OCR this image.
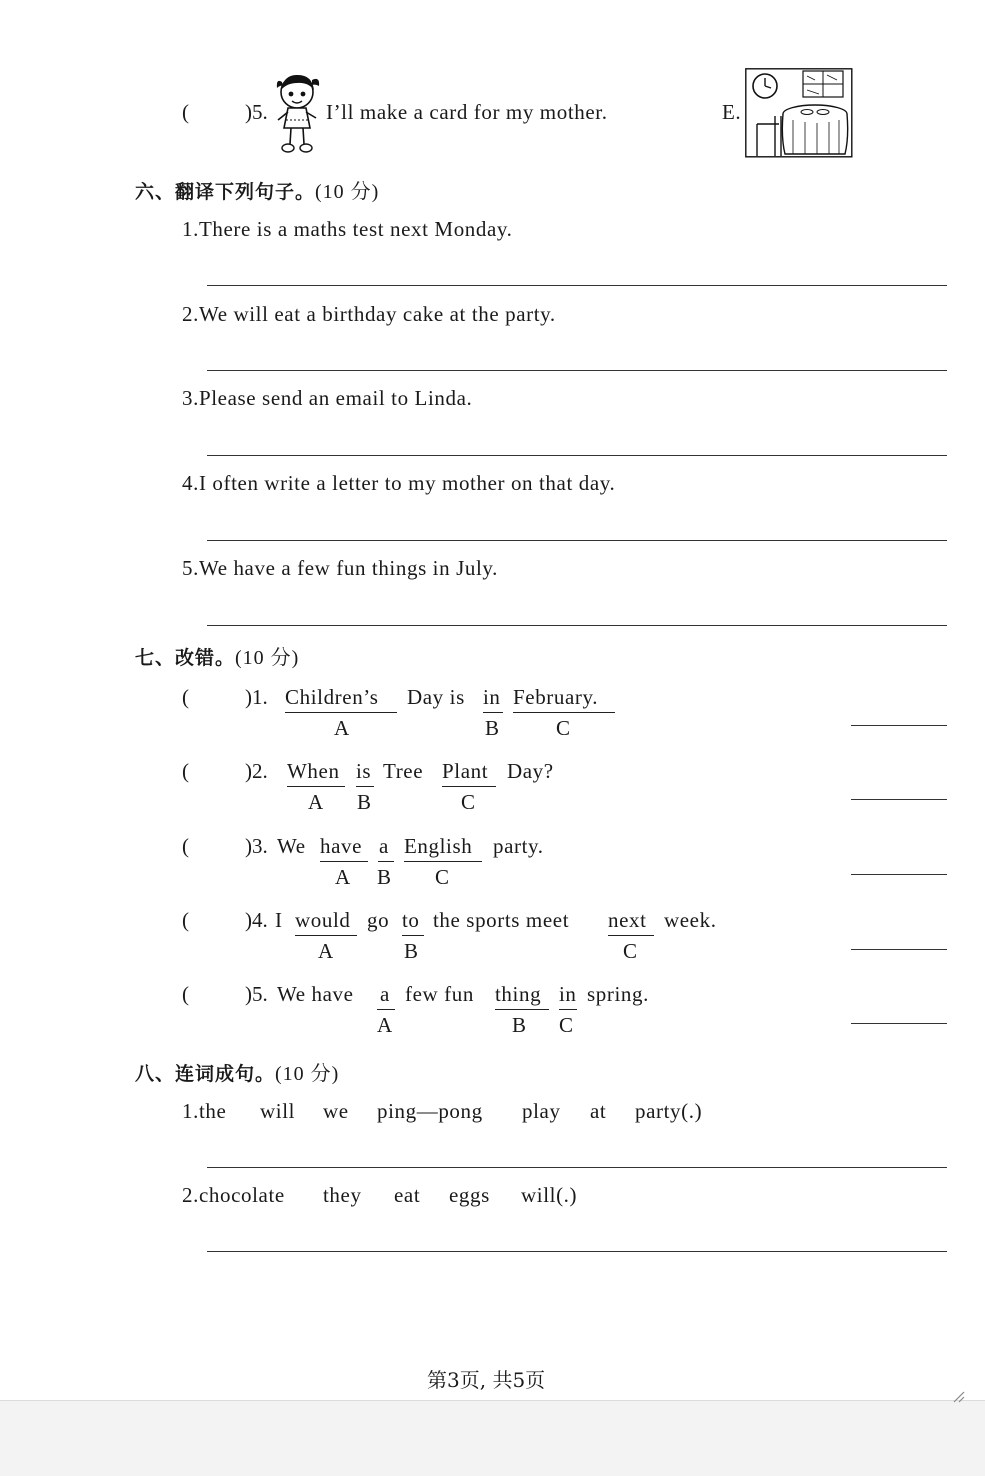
(	)5.	I’ll make a card for my mother.	E.
六、翻译下列句子。(10 分)
1.There is a maths test next Monday.
2.We will eat a birthday cake at the party.
3.Please send an email to Linda.
4.I often write a letter to my mother on that day.
5.We have a few fun things in July.
七、改错。(10 分)
(	)1. Children’s Day is in February.
A	B	C
(	)2. When is Tree Plant Day?
A B	C
(	)3. We have a English party.
A B C
(	)4. I would go to the sports meet next week.
A	B	C
(	)5. We have a few fun thing in spring.
A	B C
八、连词成句。(10 分)
1.the will we ping—pong play at party(.)
2.chocolate they eat eggs will(.)
第3页, 共5页
